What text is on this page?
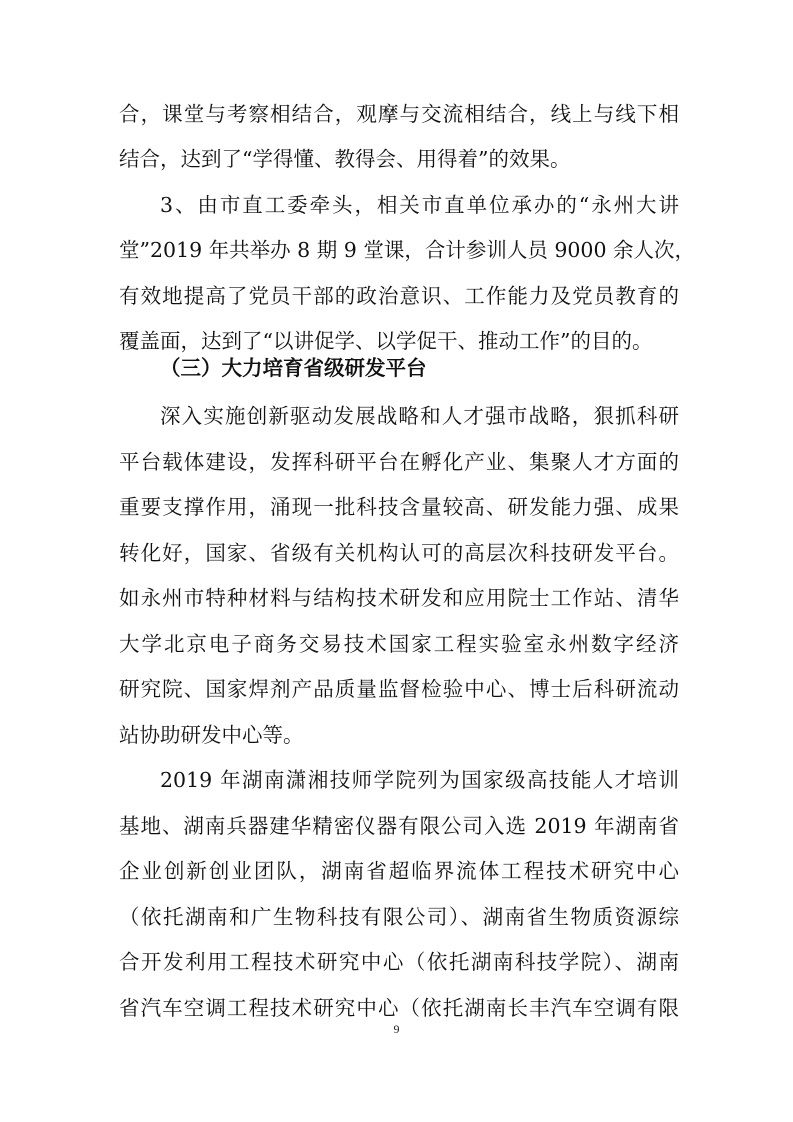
合，课堂与考察相结合，观摩与交流相结合，线上与线下相
结合，达到了“学得懂、教得会、用得着”的效果。
3、由市直工委牵头，相关市直单位承办的“永州大讲
堂”2019 年共举办 8 期 9 堂课，合计参训人员 9000 余人次，
有效地提高了党员干部的政治意识、工作能力及党员教育的
覆盖面，达到了“以讲促学、以学促干、推动工作”的目的。
（三）大力培育省级研发平台
深入实施创新驱动发展战略和人才强市战略，狠抓科研
平台载体建设，发挥科研平台在孵化产业、集聚人才方面的
重要支撑作用，涌现一批科技含量较高、研发能力强、成果
转化好，国家、省级有关机构认可的高层次科技研发平台。
如永州市特种材料与结构技术研发和应用院士工作站、清华
大学北京电子商务交易技术国家工程实验室永州数字经济
研究院、国家焊剂产品质量监督检验中心、博士后科研流动
站协助研发中心等。
2019 年湖南潇湘技师学院列为国家级高技能人才培训
基地、湖南兵器建华精密仪器有限公司入选 2019 年湖南省
企业创新创业团队，湖南省超临界流体工程技术研究中心
（依托湖南和广生物科技有限公司）、湖南省生物质资源综
合开发利用工程技术研究中心（依托湖南科技学院）、湖南
省汽车空调工程技术研究中心（依托湖南长丰汽车空调有限
9
